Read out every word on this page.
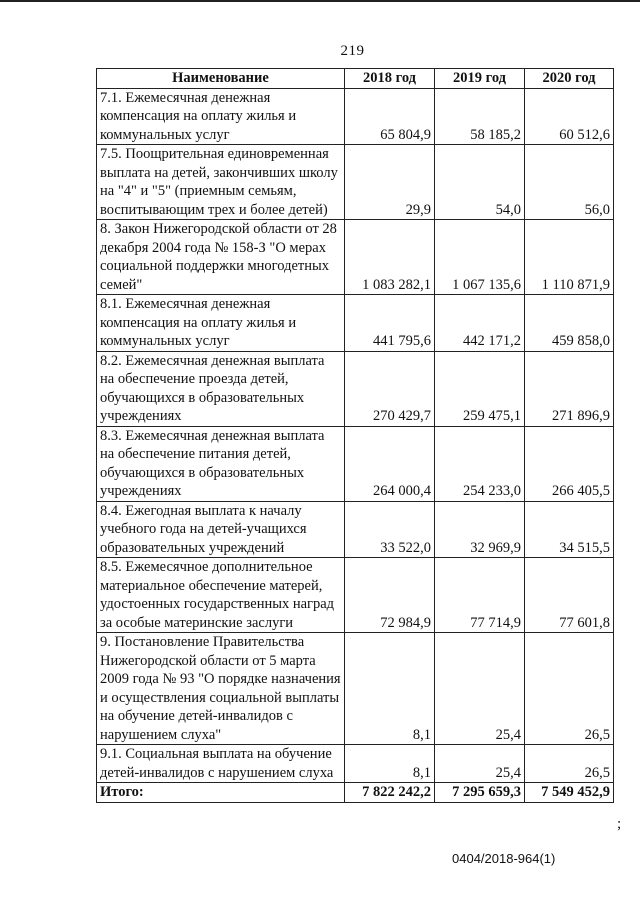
219
Наименование	2018 год	2019 год	2020 год
7.1. Ежемесячная денежная компенсация на оплату жилья и коммунальных услуг	65 804,9	58 185,2	60 512,6
7.5. Поощрительная единовременная выплата на детей, закончивших школу на "4" и "5" (приемным семьям, воспитывающим трех и более детей)	29,9	54,0	56,0
8. Закон Нижегородской области от 28 декабря 2004 года № 158-З "О мерах социальной поддержки многодетных семей"	1 083 282,1	1 067 135,6	1 110 871,9
8.1. Ежемесячная денежная компенсация на оплату жилья и коммунальных услуг	441 795,6	442 171,2	459 858,0
8.2. Ежемесячная денежная выплата на обеспечение проезда детей, обучающихся в образовательных учреждениях	270 429,7	259 475,1	271 896,9
8.3. Ежемесячная денежная выплата на обеспечение питания детей, обучающихся в образовательных учреждениях	264 000,4	254 233,0	266 405,5
8.4. Ежегодная выплата к началу учебного года на детей-учащихся образовательных учреждений	33 522,0	32 969,9	34 515,5
8.5. Ежемесячное дополнительное материальное обеспечение матерей, удостоенных государственных наград за особые материнские заслуги	72 984,9	77 714,9	77 601,8
9. Постановление Правительства Нижегородской области от 5 марта 2009 года № 93 "О порядке назначения и осуществления социальной выплаты на обучение детей-инвалидов с нарушением слуха"	8,1	25,4	26,5
9.1. Социальная выплата на обучение детей-инвалидов с нарушением слуха	8,1	25,4	26,5
Итого:	7 822 242,2	7 295 659,3	7 549 452,9
;
0404/2018-964(1)
